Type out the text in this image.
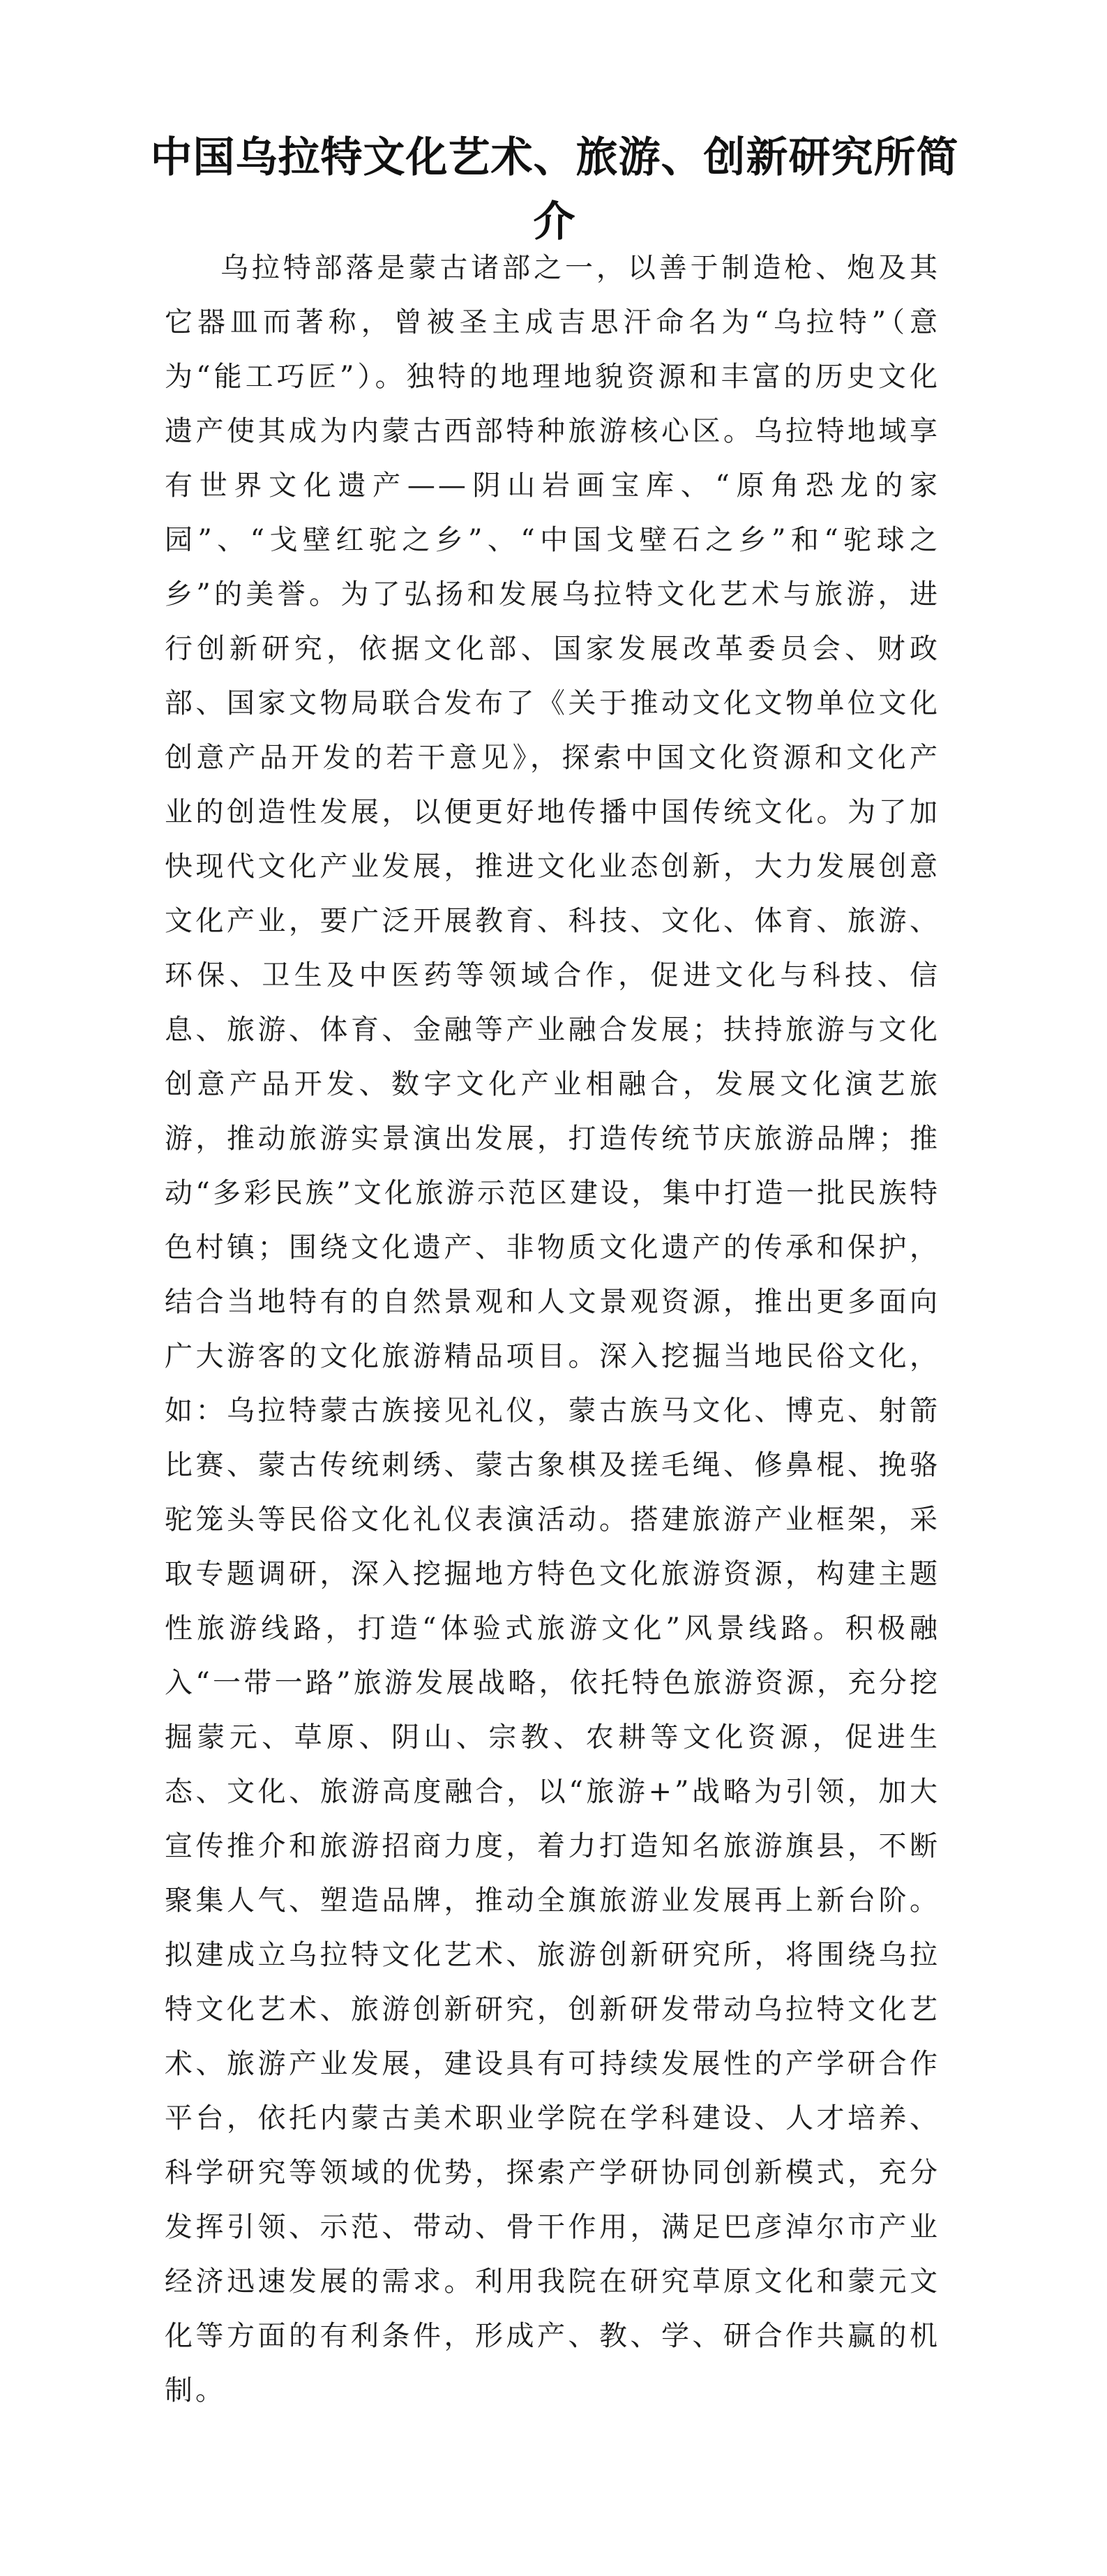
中国乌拉特文化艺术、旅游、创新研究所简介

乌拉特部落是蒙古诸部之一，以善于制造枪、炮及其它器皿而著称，曾被圣主成吉思汗命名为“乌拉特”（意为“能工巧匠”）。独特的地理地貌资源和丰富的历史文化遗产使其成为内蒙古西部特种旅游核心区。乌拉特地域享有世界文化遗产——阴山岩画宝库、“原角恐龙的家园”、“戈壁红驼之乡”、“中国戈壁石之乡”和“驼球之乡”的美誉。为了弘扬和发展乌拉特文化艺术与旅游，进行创新研究，依据文化部、国家发展改革委员会、财政部、国家文物局联合发布了《关于推动文化文物单位文化创意产品开发的若干意见》，探索中国文化资源和文化产业的创造性发展，以便更好地传播中国传统文化。为了加快现代文化产业发展，推进文化业态创新，大力发展创意文化产业，要广泛开展教育、科技、文化、体育、旅游、环保、卫生及中医药等领域合作，促进文化与科技、信息、旅游、体育、金融等产业融合发展；扶持旅游与文化创意产品开发、数字文化产业相融合，发展文化演艺旅游，推动旅游实景演出发展，打造传统节庆旅游品牌；推动“多彩民族”文化旅游示范区建设，集中打造一批民族特色村镇；围绕文化遗产、非物质文化遗产的传承和保护，结合当地特有的自然景观和人文景观资源，推出更多面向广大游客的文化旅游精品项目。深入挖掘当地民俗文化，如：乌拉特蒙古族接见礼仪，蒙古族马文化、博克、射箭比赛、蒙古传统刺绣、蒙古象棋及搓毛绳、修鼻棍、挽骆驼笼头等民俗文化礼仪表演活动。搭建旅游产业框架，采取专题调研，深入挖掘地方特色文化旅游资源，构建主题性旅游线路，打造“体验式旅游文化”风景线路。积极融入“一带一路”旅游发展战略，依托特色旅游资源，充分挖掘蒙元、草原、阴山、宗教、农耕等文化资源，促进生态、文化、旅游高度融合，以“旅游+”战略为引领，加大宣传推介和旅游招商力度，着力打造知名旅游旗县，不断聚集人气、塑造品牌，推动全旗旅游业发展再上新台阶。拟建成立乌拉特文化艺术、旅游创新研究所，将围绕乌拉特文化艺术、旅游创新研究，创新研发带动乌拉特文化艺术、旅游产业发展，建设具有可持续发展性的产学研合作平台，依托内蒙古美术职业学院在学科建设、人才培养、科学研究等领域的优势，探索产学研协同创新模式，充分发挥引领、示范、带动、骨干作用，满足巴彦淖尔市产业经济迅速发展的需求。利用我院在研究草原文化和蒙元文化等方面的有利条件，形成产、教、学、研合作共赢的机制。
